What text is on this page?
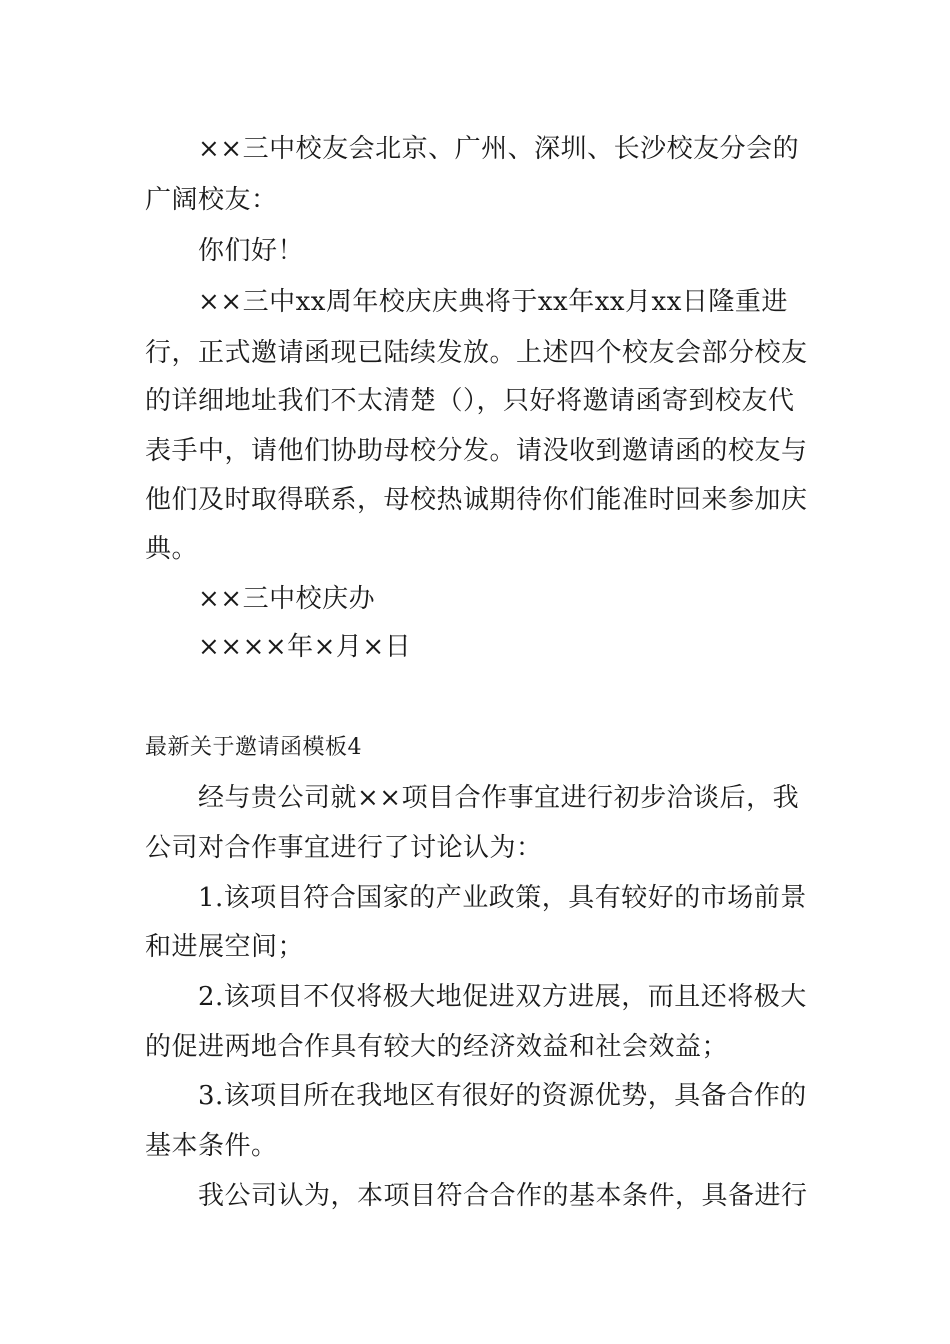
××三中校友会北京、广州、深圳、长沙校友分会的
广阔校友：
你们好！
××三中xx周年校庆庆典将于xx年xx月xx日隆重进
行，正式邀请函现已陆续发放。上述四个校友会部分校友
的详细地址我们不太清楚（），只好将邀请函寄到校友代
表手中，请他们协助母校分发。请没收到邀请函的校友与
他们及时取得联系，母校热诚期待你们能准时回来参加庆
典。
××三中校庆办
××××年×月×日
最新关于邀请函模板4
经与贵公司就××项目合作事宜进行初步洽谈后，我
公司对合作事宜进行了讨论认为：
1.该项目符合国家的产业政策，具有较好的市场前景
和进展空间；
2.该项目不仅将极大地促进双方进展，而且还将极大
的促进两地合作具有较大的经济效益和社会效益；
3.该项目所在我地区有很好的资源优势，具备合作的
基本条件。
我公司认为，本项目符合合作的基本条件，具备进行
